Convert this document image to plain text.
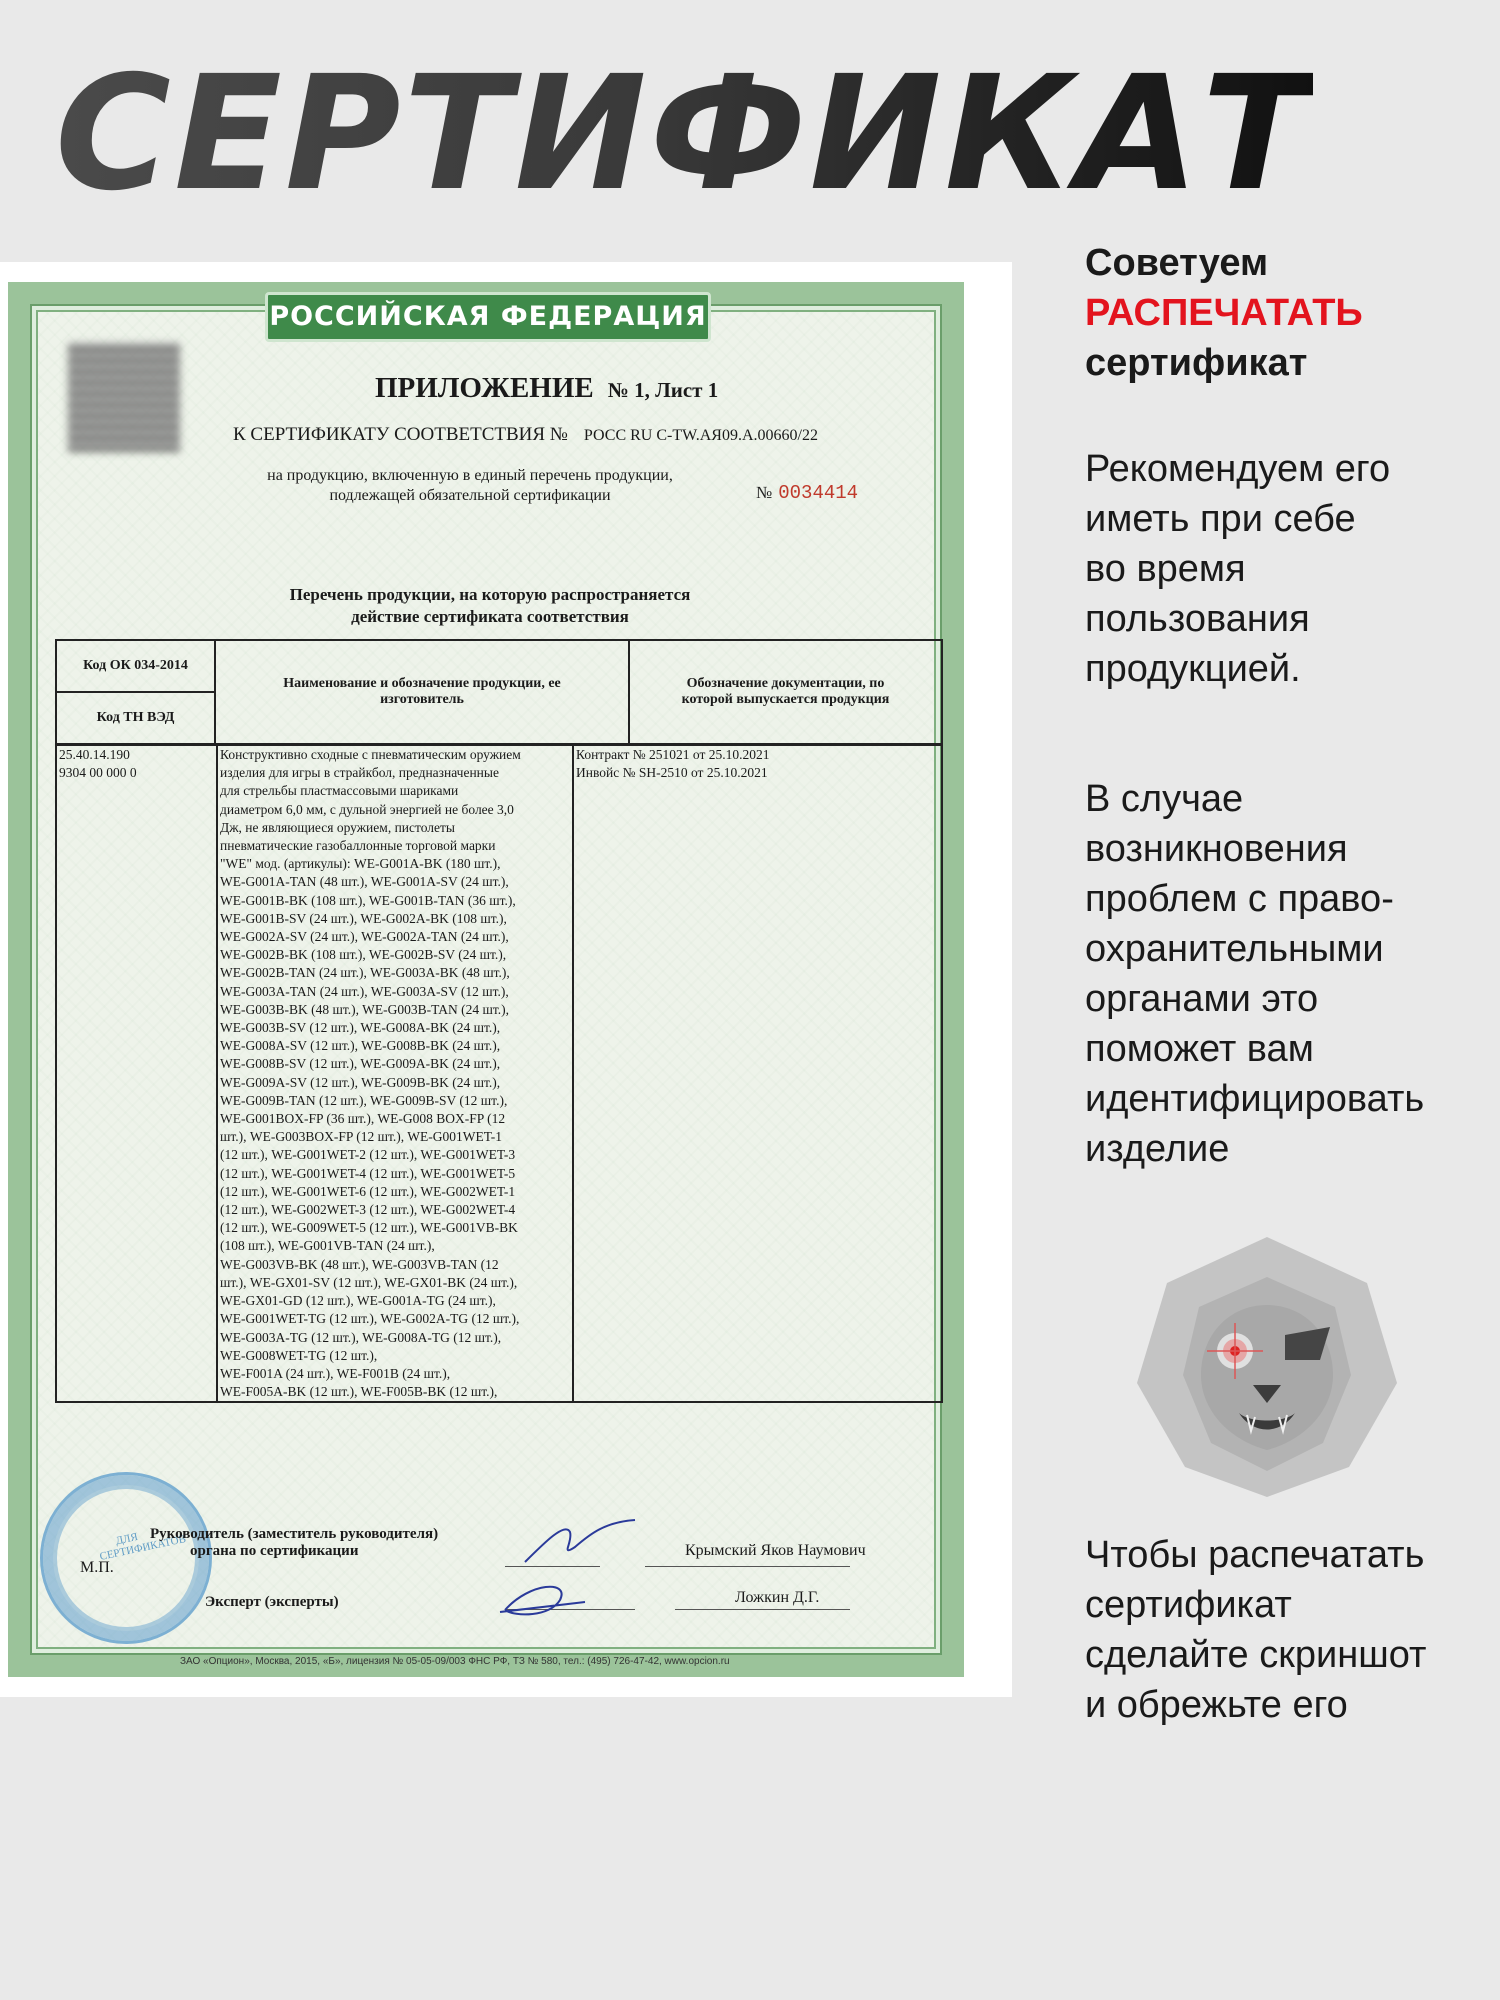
СЕРТИФИКАТ
РОССИЙСКАЯ ФЕДЕРАЦИЯ
ПРИЛОЖЕНИЕ № 1, Лист 1
К СЕРТИФИКАТУ СООТВЕТСТВИЯ № РОСС RU С-TW.АЯ09.А.00660/22
на продукцию, включенную в единый перечень продукции,
подлежащей обязательной сертификации	№ 0034414
Перечень продукции, на которую распространяется
действие сертификата соответствия
Код ОК 034-2014	Наименование и обозначение продукции, ее изготовитель	Обозначение документации, по которой выпускается продукция
Код ТН ВЭД
25.40.14.190
9304 00 000 0

Конструктивно сходные с пневматическим оружием
изделия для игры в страйкбол, предназначенные
для стрельбы пластмассовыми шариками
диаметром 6,0 мм, с дульной энергией не более 3,0
Дж, не являющиеся оружием, пистолеты
пневматические газобаллонные торговой марки
"WE" мод. (артикулы): WE-G001A-BK (180 шт.),
WE-G001A-TAN (48 шт.), WE-G001A-SV (24 шт.),
WE-G001B-BK (108 шт.), WE-G001B-TAN (36 шт.),
WE-G001B-SV (24 шт.), WE-G002A-BK (108 шт.),
WE-G002A-SV (24 шт.), WE-G002A-TAN (24 шт.),
WE-G002B-BK (108 шт.), WE-G002B-SV (24 шт.),
WE-G002B-TAN (24 шт.), WE-G003A-BK (48 шт.),
WE-G003A-TAN (24 шт.), WE-G003A-SV (12 шт.),
WE-G003B-BK (48 шт.), WE-G003B-TAN (24 шт.),
WE-G003B-SV (12 шт.), WE-G008A-BK (24 шт.),
WE-G008A-SV (12 шт.), WE-G008B-BK (24 шт.),
WE-G008B-SV (12 шт.), WE-G009A-BK (24 шт.),
WE-G009A-SV (12 шт.), WE-G009B-BK (24 шт.),
WE-G009B-TAN (12 шт.), WE-G009B-SV (12 шт.),
WE-G001BOX-FP (36 шт.), WE-G008 BOX-FP (12
шт.), WE-G003BOX-FP (12 шт.), WE-G001WET-1
(12 шт.), WE-G001WET-2 (12 шт.), WE-G001WET-3
(12 шт.), WE-G001WET-4 (12 шт.), WE-G001WET-5
(12 шт.), WE-G001WET-6 (12 шт.), WE-G002WET-1
(12 шт.), WE-G002WET-3 (12 шт.), WE-G002WET-4
(12 шт.), WE-G009WET-5 (12 шт.), WE-G001VB-BK
(108 шт.), WE-G001VB-TAN (24 шт.),
WE-G003VB-BK (48 шт.), WE-G003VB-TAN (12
шт.), WE-GX01-SV (12 шт.), WE-GX01-BK (24 шт.),
WE-GX01-GD (12 шт.), WE-G001A-TG (24 шт.),
WE-G001WET-TG (12 шт.), WE-G002A-TG (12 шт.),
WE-G003A-TG (12 шт.), WE-G008A-TG (12 шт.),
WE-G008WET-TG (12 шт.),
WE-F001A (24 шт.), WE-F001B (24 шт.),
WE-F005A-BK (12 шт.), WE-F005B-BK (12 шт.),

Контракт № 251021 от 25.10.2021
Инвойс № SH-2510 от 25.10.2021
ДЛЯ СЕРТИФИКАТОВ
М.П.
Руководитель (заместитель руководителя)
органа по сертификации	Крымский Яков Наумович
Эксперт (эксперты)	Ложкин Д.Г.
ЗАО «Опцион», Москва, 2015, «Б», лицензия № 05-05-09/003 ФНС РФ, ТЗ № 580, тел.: (495) 726-47-42, www.opcion.ru
Советуем
РАСПЕЧАТАТЬ
сертификат
Рекомендуем его
иметь при себе
во время
пользования
продукцией.
В случае
возникновения
проблем с право-
охранительными
органами это
поможет вам
идентифицировать
изделие
Чтобы распечатать
сертификат
сделайте скриншот
и обрежьте его
